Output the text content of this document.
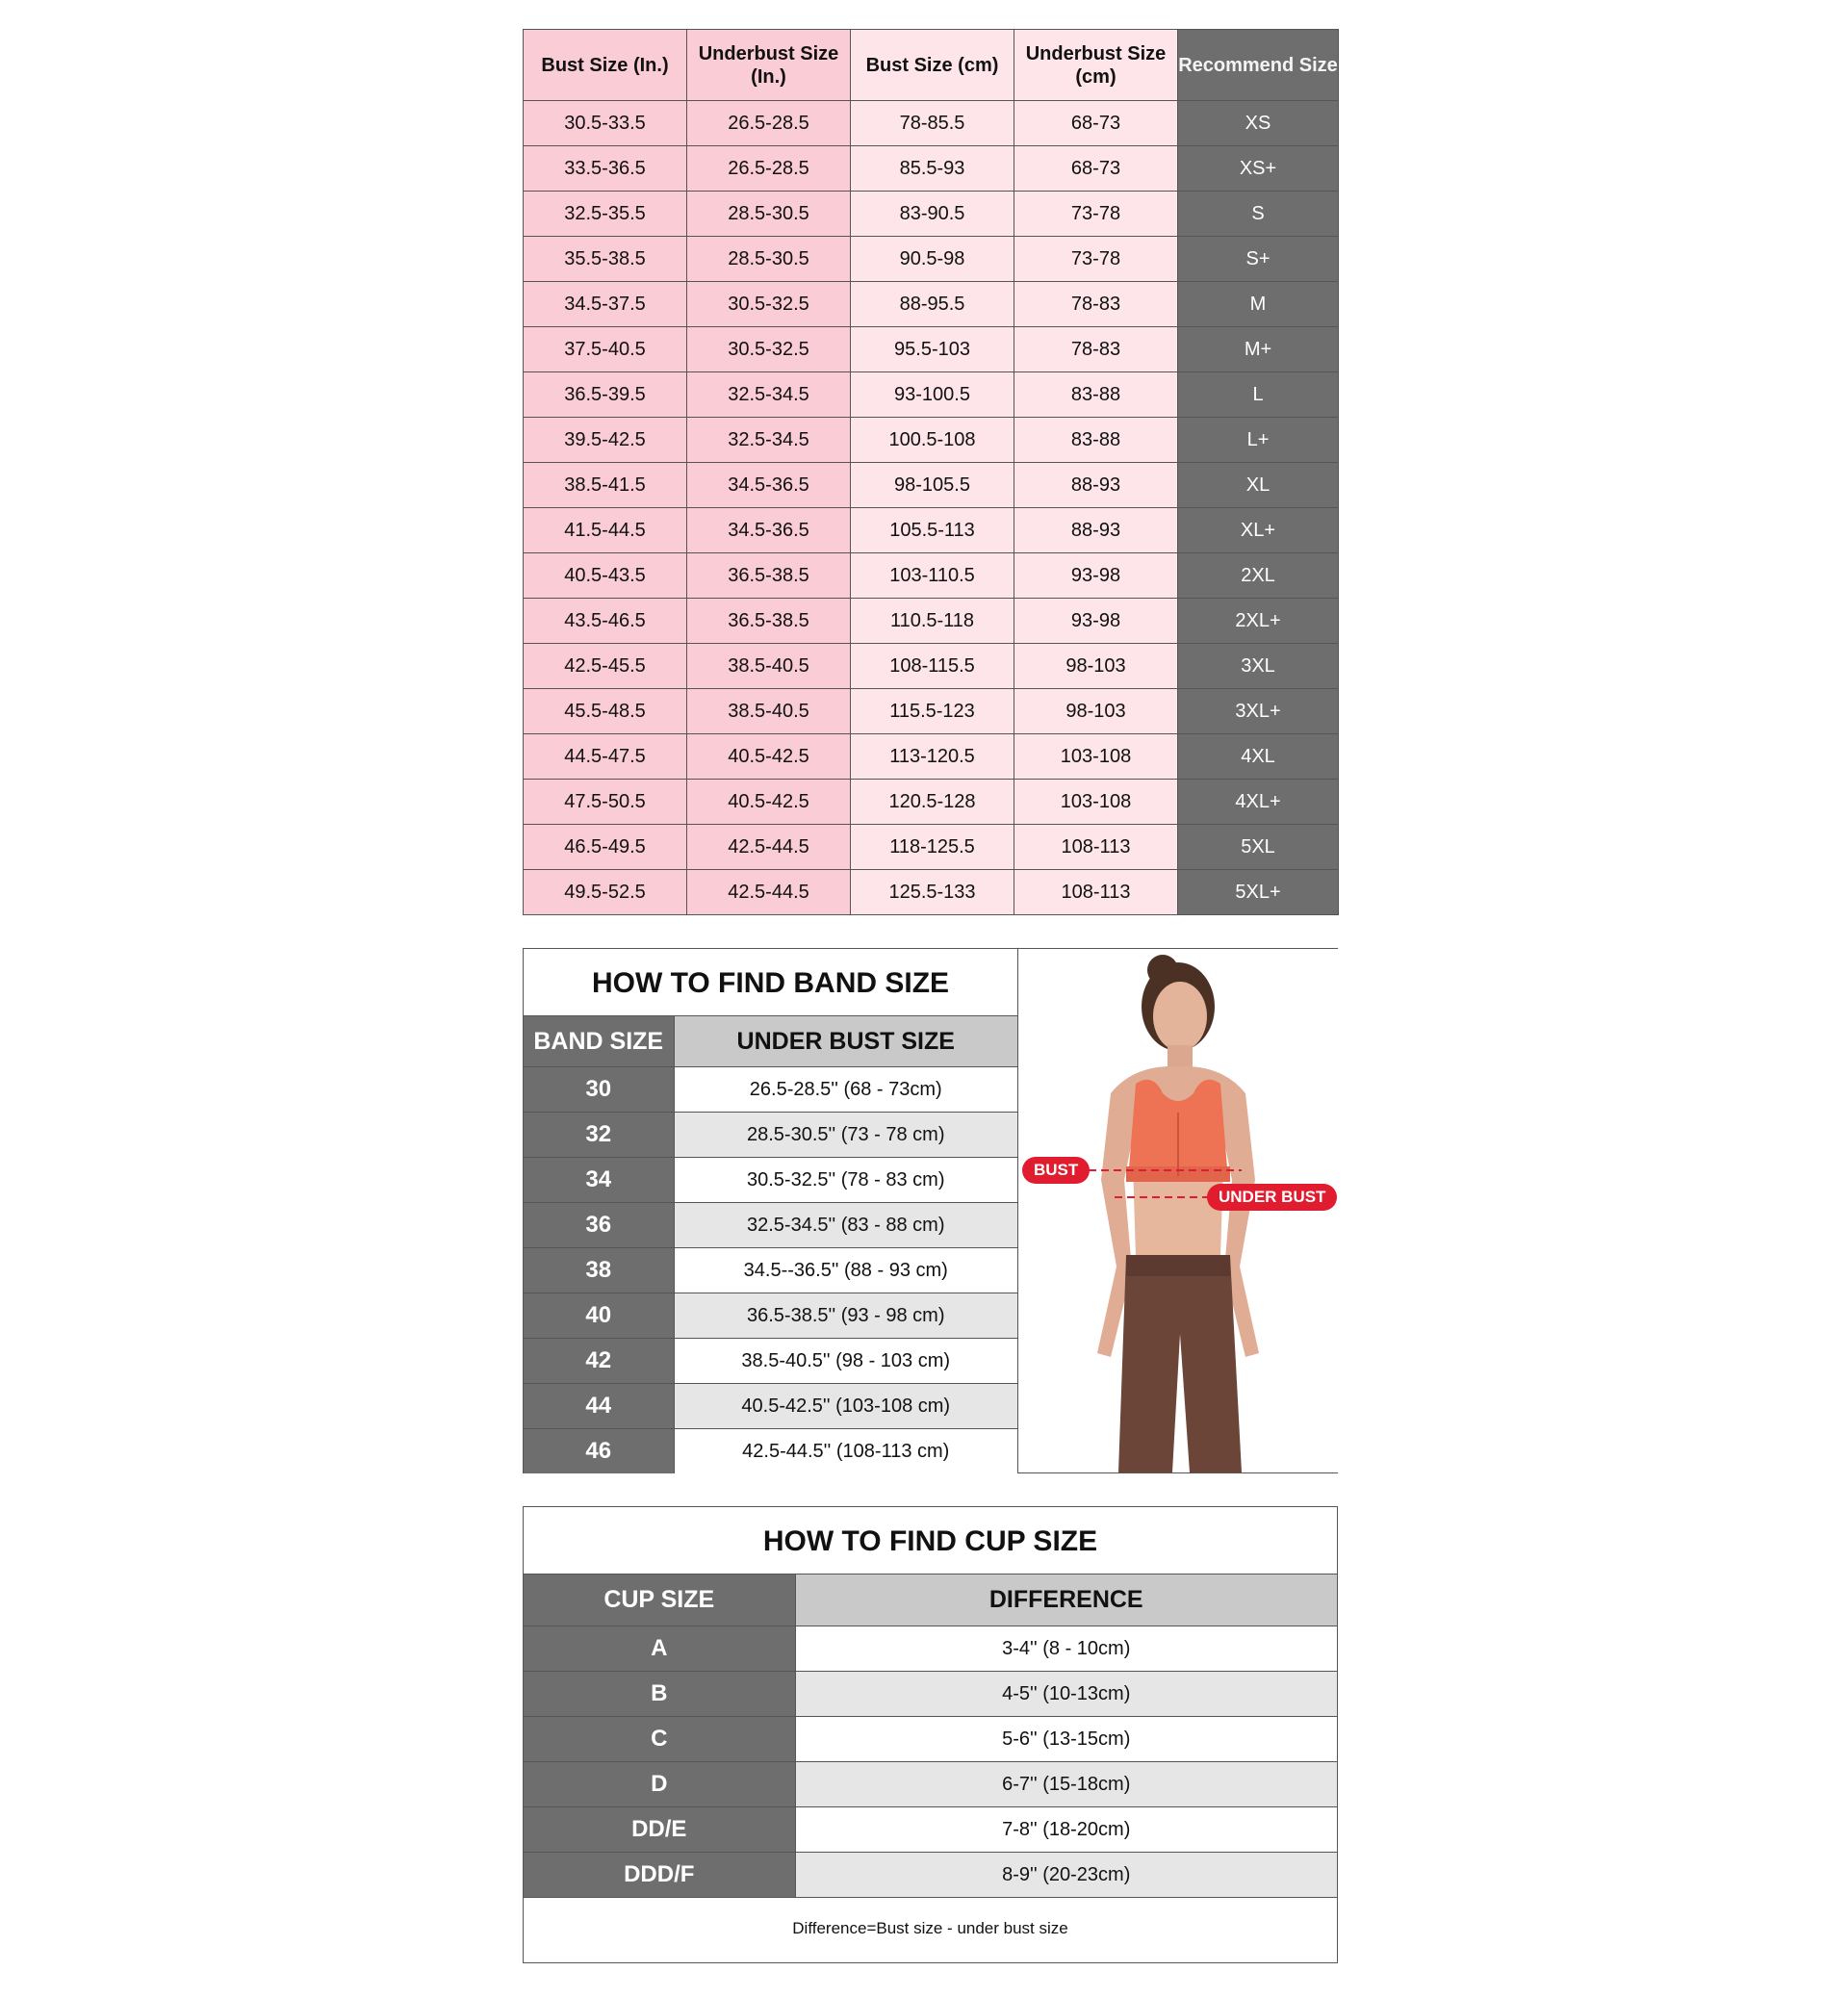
Bust Size (In.)	Underbust Size (In.)	Bust Size (cm)	Underbust Size (cm)	Recommend Size
30.5-33.5	26.5-28.5	78-85.5	68-73	XS
33.5-36.5	26.5-28.5	85.5-93	68-73	XS+
32.5-35.5	28.5-30.5	83-90.5	73-78	S
35.5-38.5	28.5-30.5	90.5-98	73-78	S+
34.5-37.5	30.5-32.5	88-95.5	78-83	M
37.5-40.5	30.5-32.5	95.5-103	78-83	M+
36.5-39.5	32.5-34.5	93-100.5	83-88	L
39.5-42.5	32.5-34.5	100.5-108	83-88	L+
38.5-41.5	34.5-36.5	98-105.5	88-93	XL
41.5-44.5	34.5-36.5	105.5-113	88-93	XL+
40.5-43.5	36.5-38.5	103-110.5	93-98	2XL
43.5-46.5	36.5-38.5	110.5-118	93-98	2XL+
42.5-45.5	38.5-40.5	108-115.5	98-103	3XL
45.5-48.5	38.5-40.5	115.5-123	98-103	3XL+
44.5-47.5	40.5-42.5	113-120.5	103-108	4XL
47.5-50.5	40.5-42.5	120.5-128	103-108	4XL+
46.5-49.5	42.5-44.5	118-125.5	108-113	5XL
49.5-52.5	42.5-44.5	125.5-133	108-113	5XL+
HOW TO FIND BAND SIZE
BAND SIZE	UNDER BUST SIZE
30	26.5-28.5'' (68 - 73cm)
32	28.5-30.5'' (73 - 78 cm)
34	30.5-32.5'' (78 - 83 cm)
36	32.5-34.5'' (83 - 88 cm)
38	34.5--36.5'' (88 - 93 cm)
40	36.5-38.5'' (93 - 98 cm)
42	38.5-40.5'' (98 - 103 cm)
44	40.5-42.5'' (103-108 cm)
46	42.5-44.5'' (108-113 cm)
BUST
UNDER BUST
HOW TO FIND CUP SIZE
CUP SIZE	DIFFERENCE
A	3-4'' (8 - 10cm)
B	4-5'' (10-13cm)
C	5-6'' (13-15cm)
D	6-7'' (15-18cm)
DD/E	7-8'' (18-20cm)
DDD/F	8-9'' (20-23cm)
Difference=Bust size - under bust size
